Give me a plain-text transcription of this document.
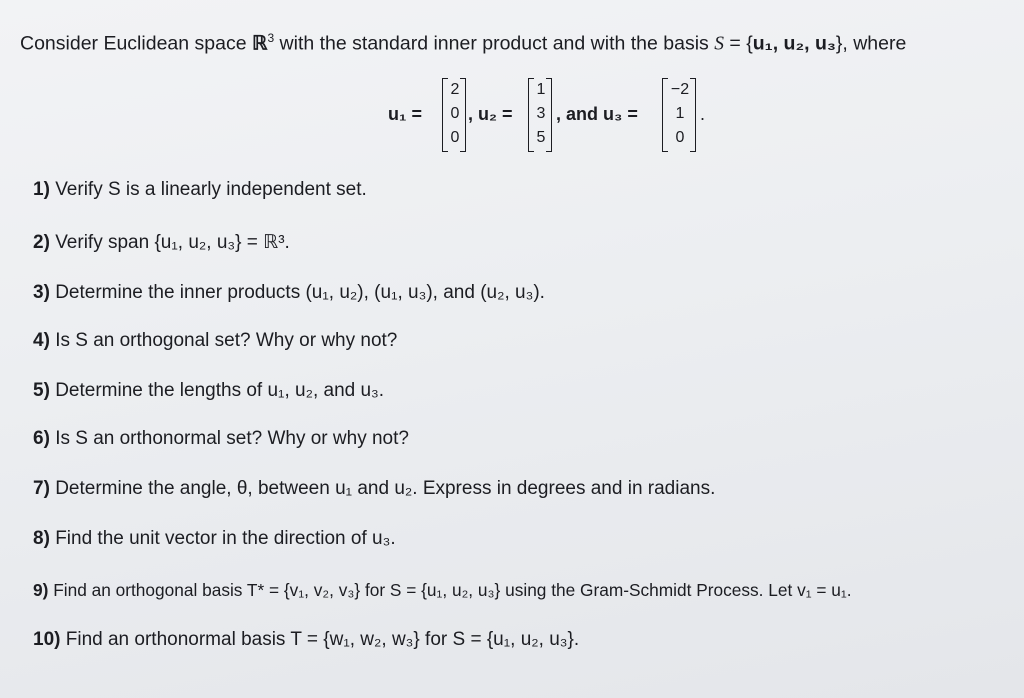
Consider Euclidean space ℝ$^3$ with the standard inner product and with the basis S = {u₁, u₂, u₃}, where
u₁ =
2
0
0
, u₂ =
1
3
5
, and u₃ =
−2
1
0
.
1) Verify S is a linearly independent set.
2) Verify span {u₁, u₂, u₃} = ℝ³.
3) Determine the inner products (u₁, u₂), (u₁, u₃), and (u₂, u₃).
4) Is S an orthogonal set? Why or why not?
5) Determine the lengths of u₁, u₂, and u₃.
6) Is S an orthonormal set? Why or why not?
7) Determine the angle, θ, between u₁ and u₂. Express in degrees and in radians.
8) Find the unit vector in the direction of u₃.
9) Find an orthogonal basis T* = {v₁, v₂, v₃} for S = {u₁, u₂, u₃} using the Gram-Schmidt Process. Let v₁ = u₁.
10) Find an orthonormal basis T = {w₁, w₂, w₃} for S = {u₁, u₂, u₃}.
